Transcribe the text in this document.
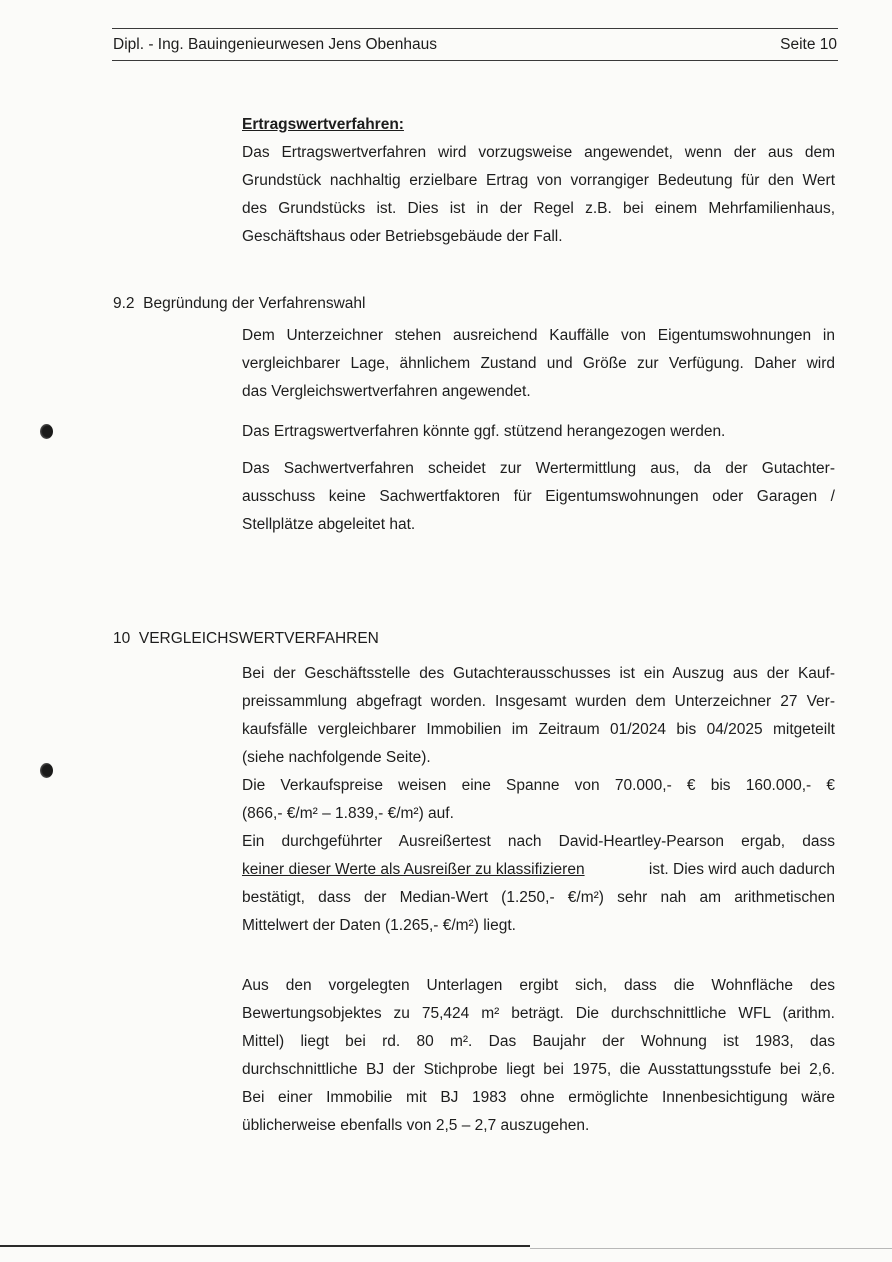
Dipl. - Ing. Bauingenieurwesen Jens Obenhaus	Seite 10
Ertragswertverfahren:
Das Ertragswertverfahren wird vorzugsweise angewendet, wenn der aus dem
Grundstück nachhaltig erzielbare Ertrag von vorrangiger Bedeutung für den Wert
des Grundstücks ist. Dies ist in der Regel z.B. bei einem Mehrfamilienhaus,
Geschäftshaus oder Betriebsgebäude der Fall.
9.2  Begründung der Verfahrenswahl
Dem Unterzeichner stehen ausreichend Kauffälle von Eigentumswohnungen in
vergleichbarer Lage, ähnlichem Zustand und Größe zur Verfügung. Daher wird
das Vergleichswertverfahren angewendet.
Das Ertragswertverfahren könnte ggf. stützend herangezogen werden.
Das Sachwertverfahren scheidet zur Wertermittlung aus, da der Gutachter-
ausschuss keine Sachwertfaktoren für Eigentumswohnungen oder Garagen /
Stellplätze abgeleitet hat.
10  VERGLEICHSWERTVERFAHREN
Bei der Geschäftsstelle des Gutachterausschusses ist ein Auszug aus der Kauf-
preissammlung abgefragt worden. Insgesamt wurden dem Unterzeichner 27 Ver-
kaufsfälle vergleichbarer Immobilien im Zeitraum 01/2024 bis 04/2025 mitgeteilt
(siehe nachfolgende Seite).
Die Verkaufspreise weisen eine Spanne von 70.000,- € bis 160.000,- €
(866,- €/m² – 1.839,- €/m²) auf.
Ein durchgeführter Ausreißertest nach David-Heartley-Pearson ergab, dass
keiner dieser Werte als Ausreißer zu klassifizieren	ist. Dies wird auch dadurch
bestätigt, dass der Median-Wert (1.250,- €/m²) sehr nah am arithmetischen
Mittelwert der Daten (1.265,- €/m²) liegt.
Aus den vorgelegten Unterlagen ergibt sich, dass die Wohnfläche des
Bewertungsobjektes zu 75,424 m² beträgt. Die durchschnittliche WFL (arithm.
Mittel) liegt bei rd. 80 m². Das Baujahr der Wohnung ist 1983, das
durchschnittliche BJ der Stichprobe liegt bei 1975, die Ausstattungsstufe bei 2,6.
Bei einer Immobilie mit BJ 1983 ohne ermöglichte Innenbesichtigung wäre
üblicherweise ebenfalls von 2,5 – 2,7 auszugehen.
